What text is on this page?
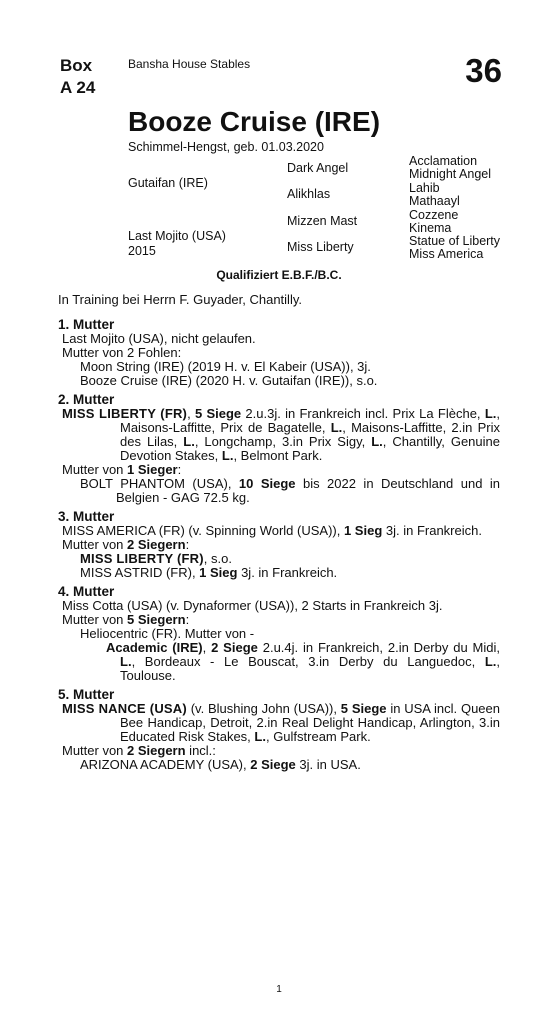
Box
A 24
Bansha House Stables	36
Booze Cruise (IRE)
Schimmel-Hengst, geb. 01.03.2020
Gutaifan (IRE)
Last Mojito (USA)
2015
Dark Angel
Alikhlas
Mizzen Mast
Miss Liberty
Acclamation
Midnight Angel
Lahib
Mathaayl
Cozzene
Kinema
Statue of Liberty
Miss America
Qualifiziert E.B.F./B.C.

In Training bei Herrn F. Guyader, Chantilly.

1. Mutter

Last Mojito (USA), nicht gelaufen.

Mutter von 2 Fohlen:

Moon String (IRE) (2019 H. v. El Kabeir (USA)), 3j.

Booze Cruise (IRE) (2020 H. v. Gutaifan (IRE)), s.o.

2. Mutter

MISS LIBERTY (FR), 5 Siege 2.u.3j. in Frankreich incl. Prix La Flèche, L., Maisons-Laffitte, Prix de Bagatelle, L., Maisons-Laffitte, 2.in Prix des Lilas, L., Longchamp, 3.in Prix Sigy, L., Chantilly, Genuine Devotion Stakes, L., Belmont Park.

Mutter von 1 Sieger:

BOLT PHANTOM (USA), 10 Siege bis 2022 in Deutschland und in Belgien - GAG 72.5 kg.

3. Mutter

MISS AMERICA (FR) (v. Spinning World (USA)), 1 Sieg 3j. in Frankreich.

Mutter von 2 Siegern:

MISS LIBERTY (FR), s.o.

MISS ASTRID (FR), 1 Sieg 3j. in Frankreich.

4. Mutter

Miss Cotta (USA) (v. Dynaformer (USA)), 2 Starts in Frankreich 3j.

Mutter von 5 Siegern:

Heliocentric (FR). Mutter von -

Academic (IRE), 2 Siege 2.u.4j. in Frankreich, 2.in Derby du Midi, L., Bordeaux - Le Bouscat, 3.in Derby du Languedoc, L., Toulouse.

5. Mutter

MISS NANCE (USA) (v. Blushing John (USA)), 5 Siege in USA incl. Queen Bee Handicap, Detroit, 2.in Real Delight Handicap, Arlington, 3.in Educated Risk Stakes, L., Gulfstream Park.

Mutter von 2 Siegern incl.:

ARIZONA ACADEMY (USA), 2 Siege 3j. in USA.

1
